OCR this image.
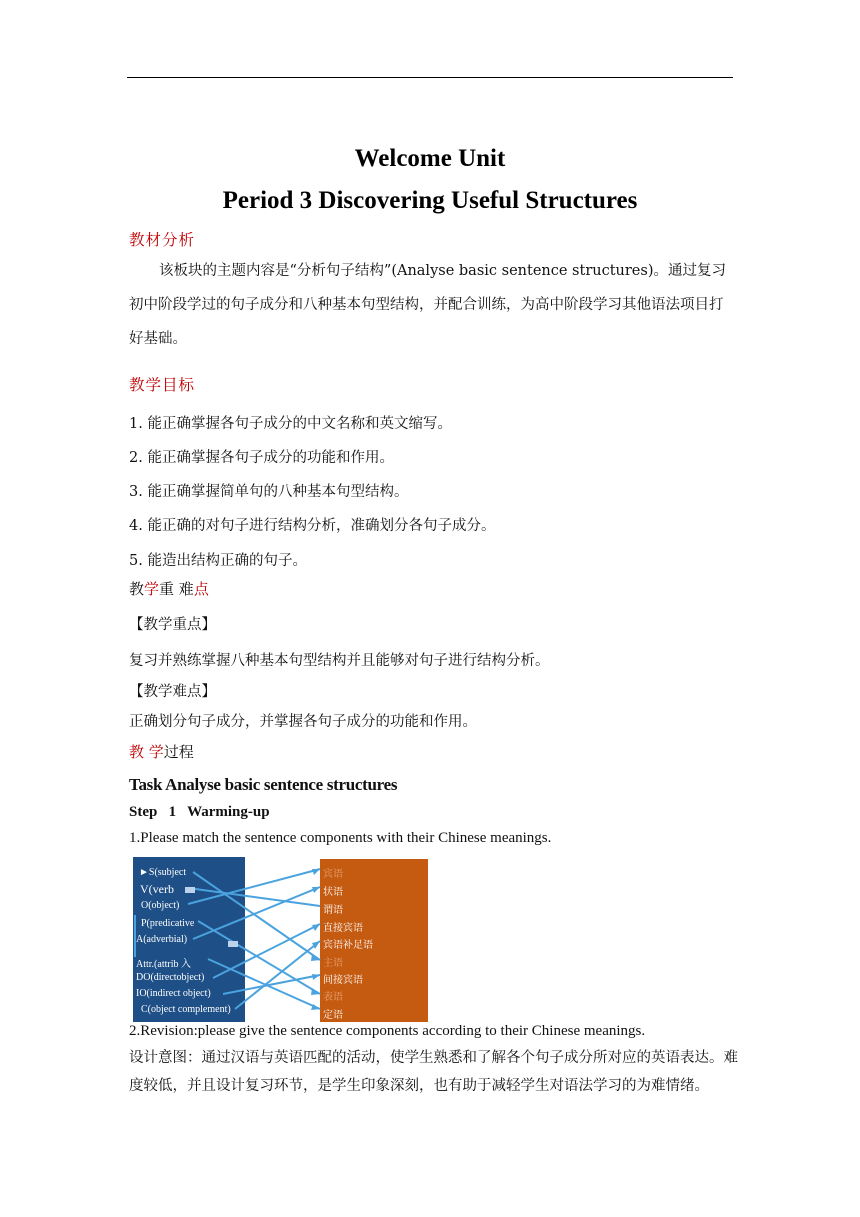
Welcome Unit
Period 3 Discovering Useful Structures
教材分析
该板块的主题内容是“分析句子结构”(Analyse basic sentence structures)。通过复习初中阶段学过的句子成分和八种基本句型结构，并配合训练，为高中阶段学习其他语法项目打好基础。
教学目标
1. 能正确掌握各句子成分的中文名称和英文缩写。
2. 能正确掌握各句子成分的功能和作用。
3. 能正确掌握简单句的八种基本句型结构。
4. 能正确的对句子进行结构分析，准确划分各句子成分。
5. 能造出结构正确的句子。
教学重 难点
【教学重点】
复习并熟练掌握八种基本句型结构并且能够对句子进行结构分析。
【教学难点】
正确划分句子成分，并掌握各句子成分的功能和作用。
教 学过程
Task Analyse basic sentence structures
Step   1   Warming-up
1.Please match the sentence components with their Chinese meanings.
►S(subject
V(verb
O(object)
P(predicative
A(adverbial)
Attr.(attrib 入
DO(directobject)
IO(indirect object)
C(object complement)
宾语
状语
谓语
直接宾语
宾语补足语
主语
间接宾语
表语
定语
2.Revision:please give the sentence components according to their Chinese meanings.
设计意图：通过汉语与英语匹配的活动，使学生熟悉和了解各个句子成分所对应的英语表达。难度较低，并且设计复习环节，是学生印象深刻，也有助于减轻学生对语法学习的为难情绪。
